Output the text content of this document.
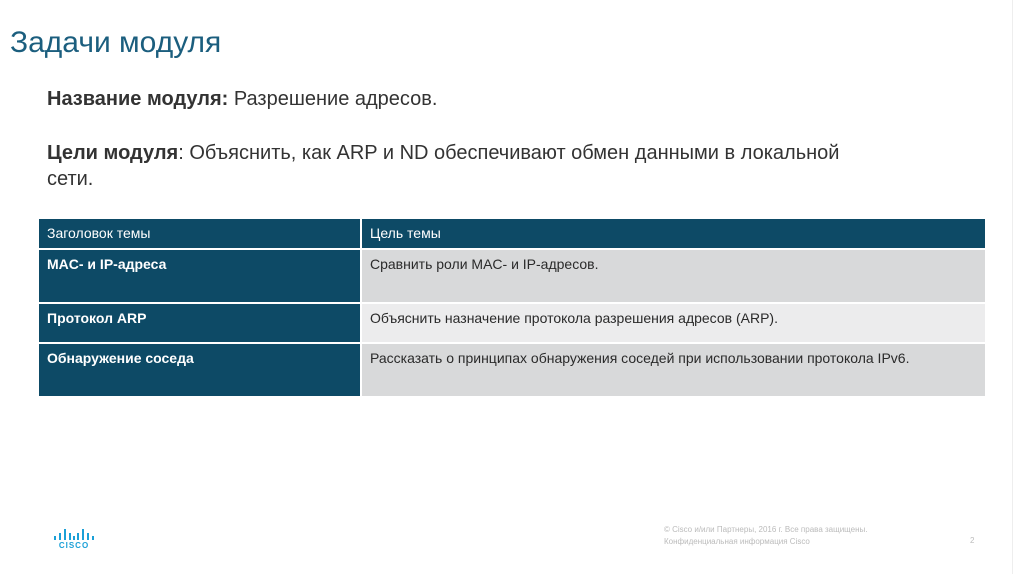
Задачи модуля
Название модуля: Разрешение адресов.
Цели модуля: Объяснить, как ARP и ND обеспечивают обмен данными в локальной сети.
Заголовок темы	Цель темы
MAC- и IP-адреса	Сравнить роли MAC- и IP-адресов.
Протокол ARP	Объяснить назначение протокола разрешения адресов (ARP).
Обнаружение соседа	Рассказать о принципах обнаружения соседей при использовании протокола IPv6.
CISCO
© Cisco и/или Партнеры, 2016 г. Все права защищены.
Конфиденциальная информация Cisco	2
